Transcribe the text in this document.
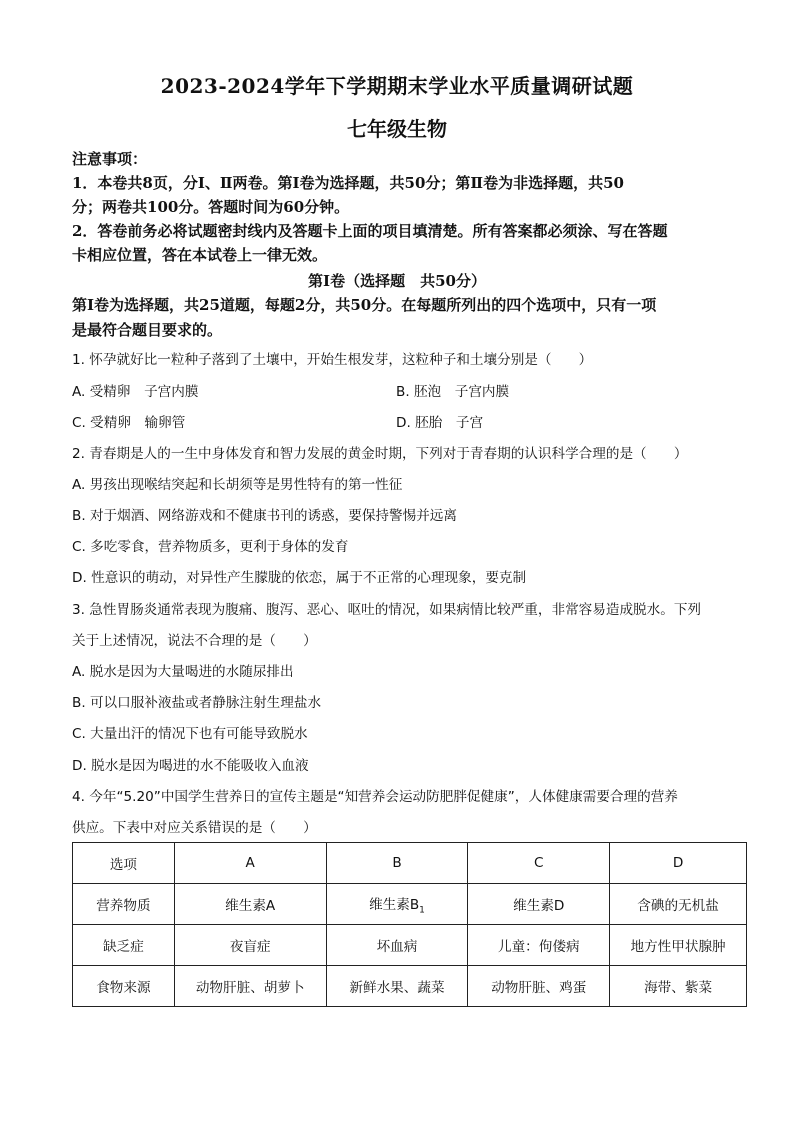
2023-2024学年下学期期末学业水平质量调研试题
七年级生物
注意事项：
1．本卷共8页，分Ⅰ、Ⅱ两卷。第Ⅰ卷为选择题，共50分；第Ⅱ卷为非选择题，共50
分；两卷共100分。答题时间为60分钟。
2．答卷前务必将试题密封线内及答题卡上面的项目填清楚。所有答案都必须涂、写在答题
卡相应位置，答在本试卷上一律无效。
第Ⅰ卷（选择题　共50分）
第Ⅰ卷为选择题，共25道题，每题2分，共50分。在每题所列出的四个选项中，只有一项
是最符合题目要求的。
1. 怀孕就好比一粒种子落到了土壤中，开始生根发芽，这粒种子和土壤分别是（　　）
A. 受精卵　子宫内膜	B. 胚泡　子宫内膜
C. 受精卵　输卵管	D. 胚胎　子宫
2. 青春期是人的一生中身体发育和智力发展的黄金时期，下列对于青春期的认识科学合理的是（　　）
A. 男孩出现喉结突起和长胡须等是男性特有的第一性征
B. 对于烟酒、网络游戏和不健康书刊的诱惑，要保持警惕并远离
C. 多吃零食，营养物质多，更利于身体的发育
D. 性意识的萌动，对异性产生朦胧的依恋，属于不正常的心理现象，要克制
3. 急性胃肠炎通常表现为腹痛、腹泻、恶心、呕吐的情况，如果病情比较严重，非常容易造成脱水。下列
关于上述情况，说法不合理的是（　　）
A. 脱水是因为大量喝进的水随尿排出
B. 可以口服补液盐或者静脉注射生理盐水
C. 大量出汗的情况下也有可能导致脱水
D. 脱水是因为喝进的水不能吸收入血液
4. 今年“5.20”中国学生营养日的宣传主题是“知营养会运动防肥胖促健康”，人体健康需要合理的营养
供应。下表中对应关系错误的是（　　）
选项	A	B	C	D
营养物质	维生素A	维生素$B_1$	维生素D	含碘的无机盐
缺乏症	夜盲症	坏血病	儿童：佝偻病	地方性甲状腺肿
食物来源	动物肝脏、胡萝卜	新鲜水果、蔬菜	动物肝脏、鸡蛋	海带、紫菜
